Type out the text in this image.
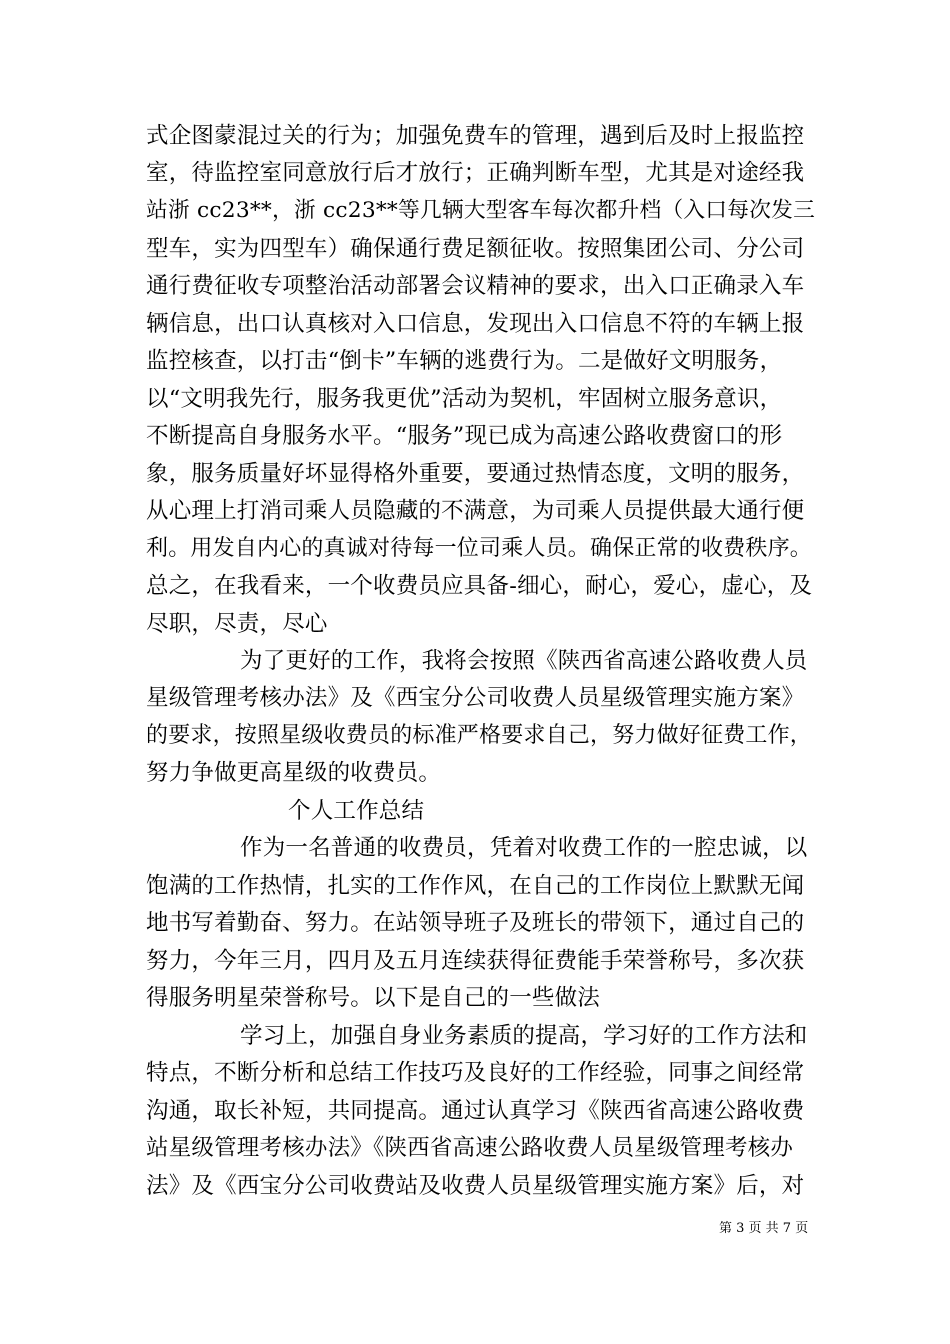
式企图蒙混过关的行为；加强免费车的管理，遇到后及时上报监控
室，待监控室同意放行后才放行；正确判断车型，尤其是对途经我
站浙 cc23**，浙 cc23**等几辆大型客车每次都升档（入口每次发三
型车，实为四型车）确保通行费足额征收。按照集团公司、分公司
通行费征收专项整治活动部署会议精神的要求，出入口正确录入车
辆信息，出口认真核对入口信息，发现出入口信息不符的车辆上报
监控核查，以打击“倒卡”车辆的逃费行为。二是做好文明服务，
以“文明我先行，服务我更优”活动为契机，牢固树立服务意识，
不断提高自身服务水平。“服务”现已成为高速公路收费窗口的形
象，服务质量好坏显得格外重要，要通过热情态度，文明的服务，
从心理上打消司乘人员隐藏的不满意，为司乘人员提供最大通行便
利。用发自内心的真诚对待每一位司乘人员。确保正常的收费秩序。
总之，在我看来，一个收费员应具备-细心，耐心，爱心，虚心，及
尽职，尽责，尽心
为了更好的工作，我将会按照《陕西省高速公路收费人员
星级管理考核办法》及《西宝分公司收费人员星级管理实施方案》
的要求，按照星级收费员的标准严格要求自己，努力做好征费工作，
努力争做更高星级的收费员。
个人工作总结
作为一名普通的收费员，凭着对收费工作的一腔忠诚，以
饱满的工作热情，扎实的工作作风，在自己的工作岗位上默默无闻
地书写着勤奋、努力。在站领导班子及班长的带领下，通过自己的
努力，今年三月，四月及五月连续获得征费能手荣誉称号，多次获
得服务明星荣誉称号。以下是自己的一些做法
学习上，加强自身业务素质的提高，学习好的工作方法和
特点，不断分析和总结工作技巧及良好的工作经验，同事之间经常
沟通，取长补短，共同提高。通过认真学习《陕西省高速公路收费
站星级管理考核办法》《陕西省高速公路收费人员星级管理考核办
法》及《西宝分公司收费站及收费人员星级管理实施方案》后，对
第 3 页 共 7 页
